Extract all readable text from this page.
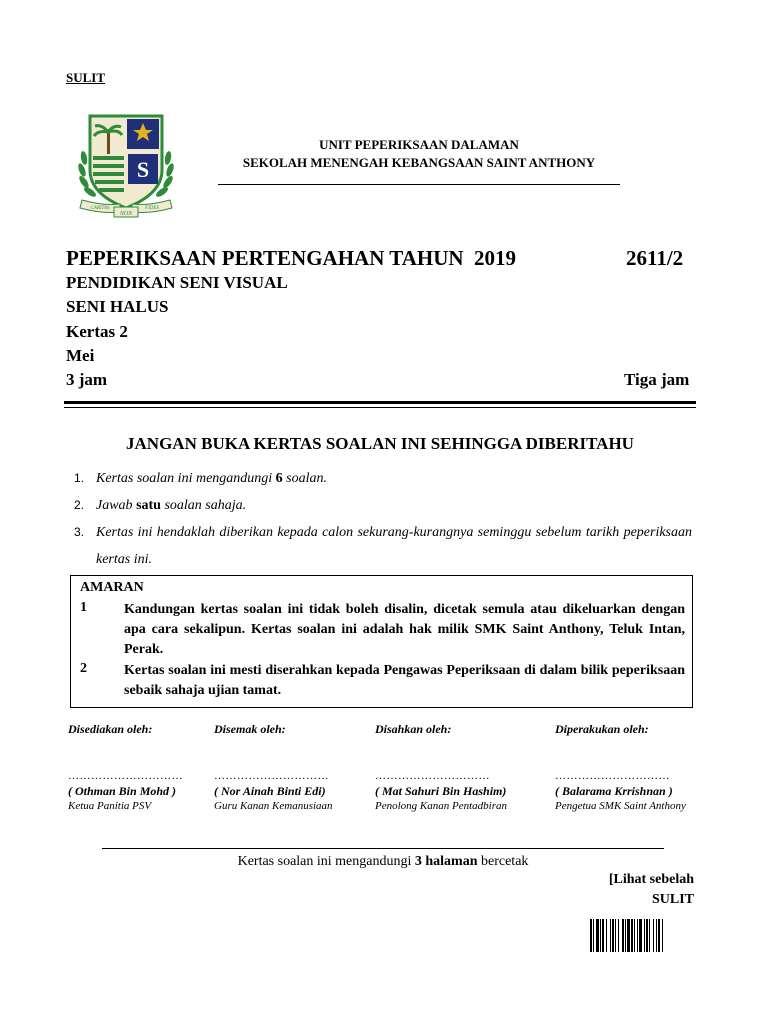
SULIT
S
CARITAS	FIDES
NON
UNIT PEPERIKSAAN DALAMAN
SEKOLAH MENENGAH KEBANGSAAN SAINT ANTHONY
PEPERIKSAAN PERTENGAHAN TAHUN  2019	2611/2
PENDIDIKAN SENI VISUAL
SENI HALUS
Kertas 2
Mei
3 jam	Tiga jam
JANGAN BUKA KERTAS SOALAN INI SEHINGGA DIBERITAHU
1. Kertas soalan ini mengandungi 6 soalan.
2. Jawab satu soalan sahaja.
3. Kertas ini hendaklah diberikan kepada calon sekurang-kurangnya seminggu sebelum tarikh peperiksaan kertas ini.
AMARAN
1	Kandungan kertas soalan ini tidak boleh disalin, dicetak semula atau dikeluarkan dengan apa cara sekalipun. Kertas soalan ini adalah hak milik SMK Saint Anthony, Teluk Intan, Perak.
2	Kertas soalan ini mesti diserahkan kepada Pengawas Peperiksaan di dalam bilik peperiksaan sebaik sahaja ujian tamat.
Disediakan oleh:
…………………………
( Othman Bin Mohd )
Ketua Panitia PSV
Disemak oleh:
…………………………
( Nor Ainah Binti Edi)
Guru Kanan Kemanusiaan
Disahkan oleh:
…………………………
( Mat Sahuri Bin Hashim)
Penolong Kanan Pentadbiran
Diperakukan oleh:
…………………………
( Balarama Krrishnan )
Pengetua SMK Saint Anthony
Kertas soalan ini mengandungi 3 halaman bercetak
[Lihat sebelah
SULIT
